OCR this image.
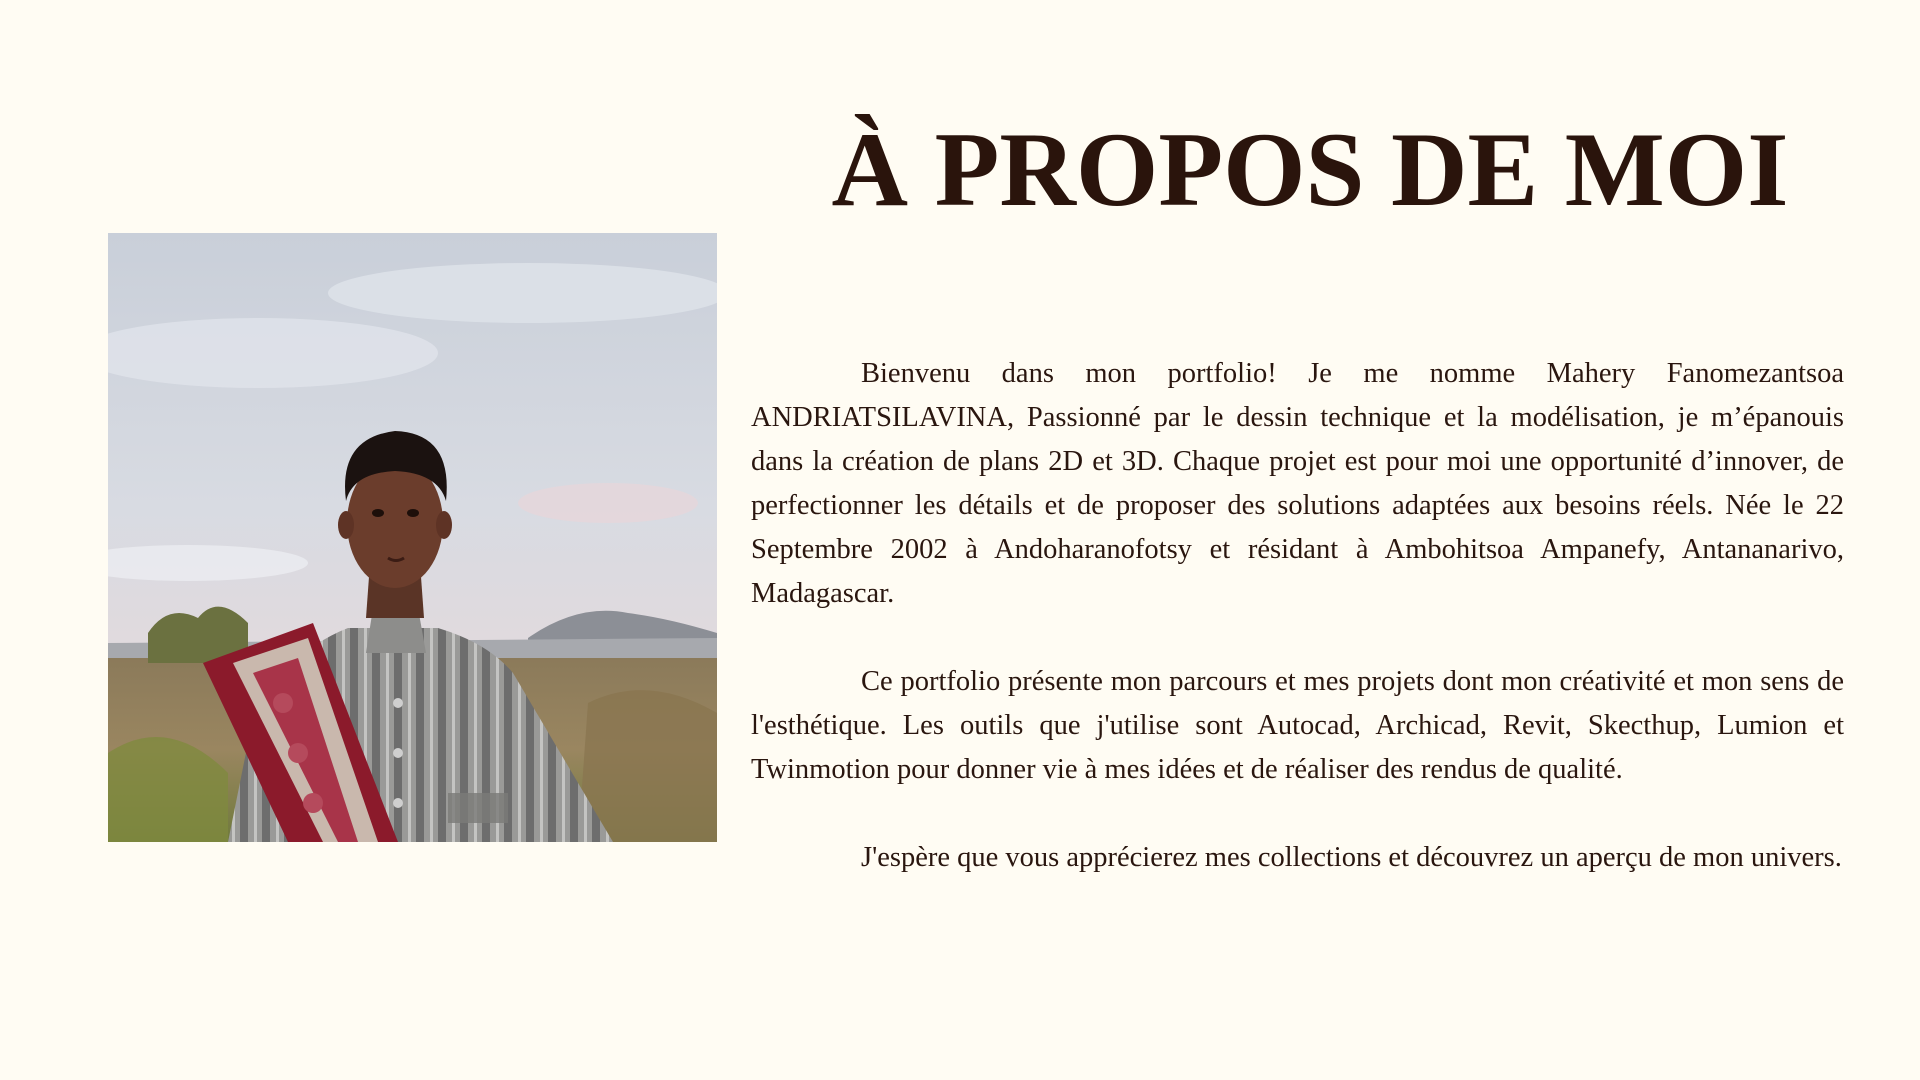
À PROPOS DE MOI

Bienvenu dans mon portfolio! Je me nomme Mahery Fanomezantsoa ANDRIATSILAVINA, Passionné par le dessin technique et la modélisation, je m’épanouis dans la création de plans 2D et 3D. Chaque projet est pour moi une opportunité d’innover, de perfectionner les détails et de proposer des solutions adaptées aux besoins réels. Née le 22 Septembre 2002 à Andoharanofotsy et résidant à Ambohitsoa Ampanefy, Antananarivo, Madagascar.

Ce portfolio présente mon parcours et mes projets dont mon créativité et mon sens de l'esthétique. Les outils que j'utilise sont Autocad, Archicad, Revit, Skecthup, Lumion et Twinmotion pour donner vie à mes idées et de réaliser des rendus de qualité.

J'espère que vous apprécierez mes collections et découvrez un aperçu de mon univers.
